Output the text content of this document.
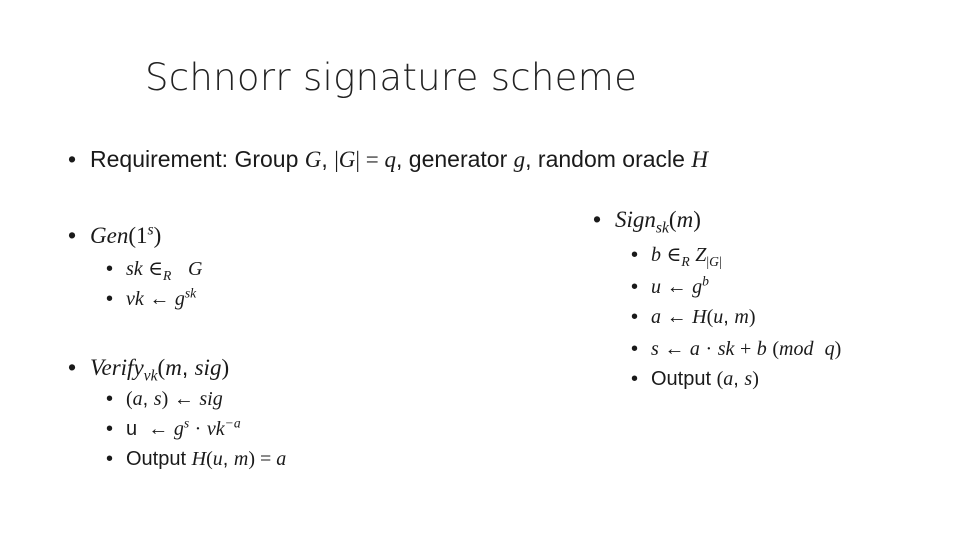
Schnorr signature scheme
• Requirement: Group G, |G| = q, generator g, random oracle H
• Gen(1$^s$)
• sk $\in_R$ G
• vk ← $g^{sk}$
• Verify$_{vk}$(m, sig)
• (a, s) ← sig
• u ← $g^s \cdot vk^{-a}$
• Output H(u, m) = a
• Sign$_{sk}$(m)
• b $\in_R$ $Z_{|G|}$
• u ← $g^b$
• a ← H(u, m)
• s ← a · sk + b (mod q)
• Output (a, s)
